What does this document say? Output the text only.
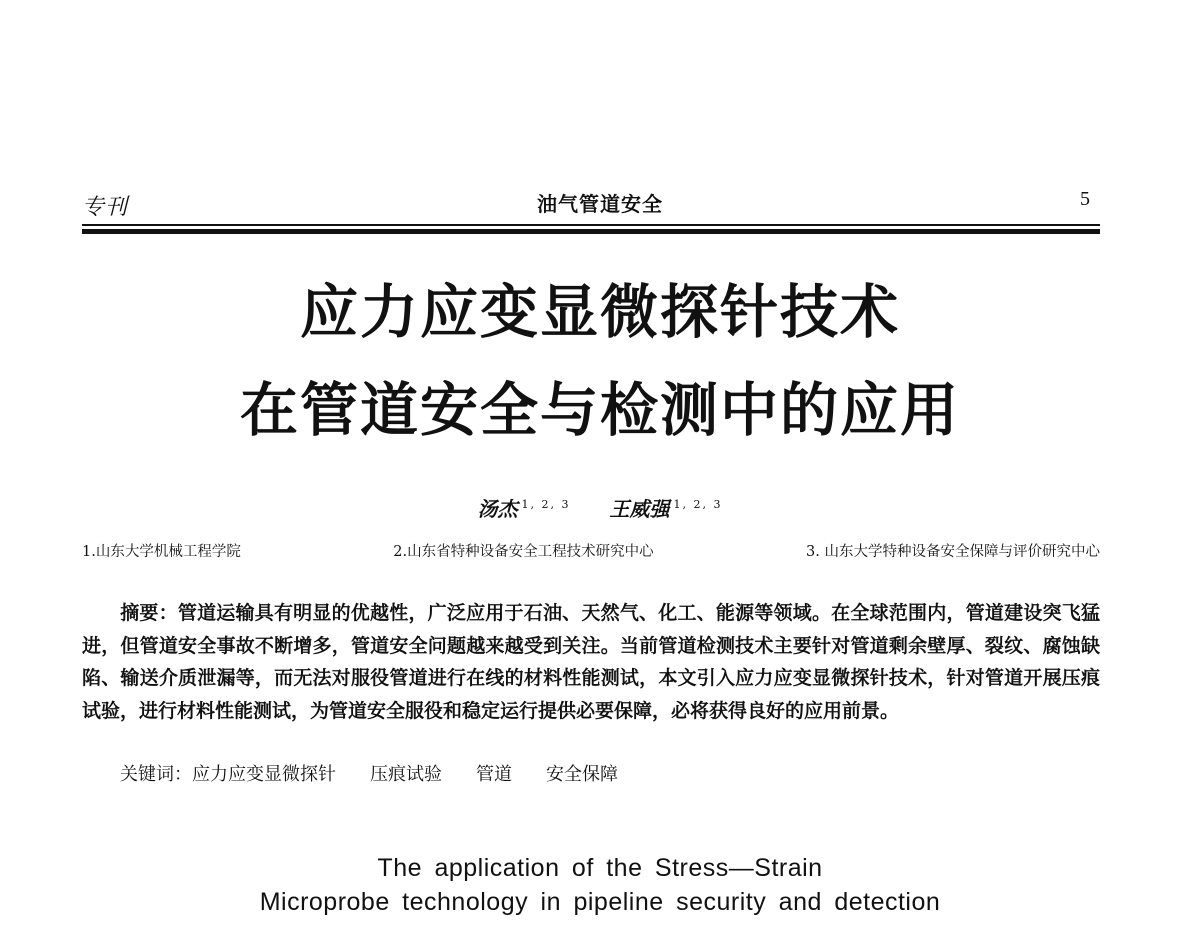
专刊	油气管道安全	5
应力应变显微探针技术
在管道安全与检测中的应用
汤杰 $^{1, 2, 3}$ 王威强 $^{1, 2, 3}$
1.山东大学机械工程学院	2.山东省特种设备安全工程技术研究中心	3. 山东大学特种设备安全保障与评价研究中心

摘要：管道运输具有明显的优越性，广泛应用于石油、天然气、化工、能源等领域。在全球范围内，管道建设突飞猛进，但管道安全事故不断增多，管道安全问题越来越受到关注。当前管道检测技术主要针对管道剩余壁厚、裂纹、腐蚀缺陷、输送介质泄漏等，而无法对服役管道进行在线的材料性能测试，本文引入应力应变显微探针技术，针对管道开展压痕试验，进行材料性能测试，为管道安全服役和稳定运行提供必要保障，必将获得良好的应用前景。

关键词：应力应变显微探针 压痕试验 管道 安全保障
The application of the Stress—Strain
Microprobe technology in pipeline security and detection
